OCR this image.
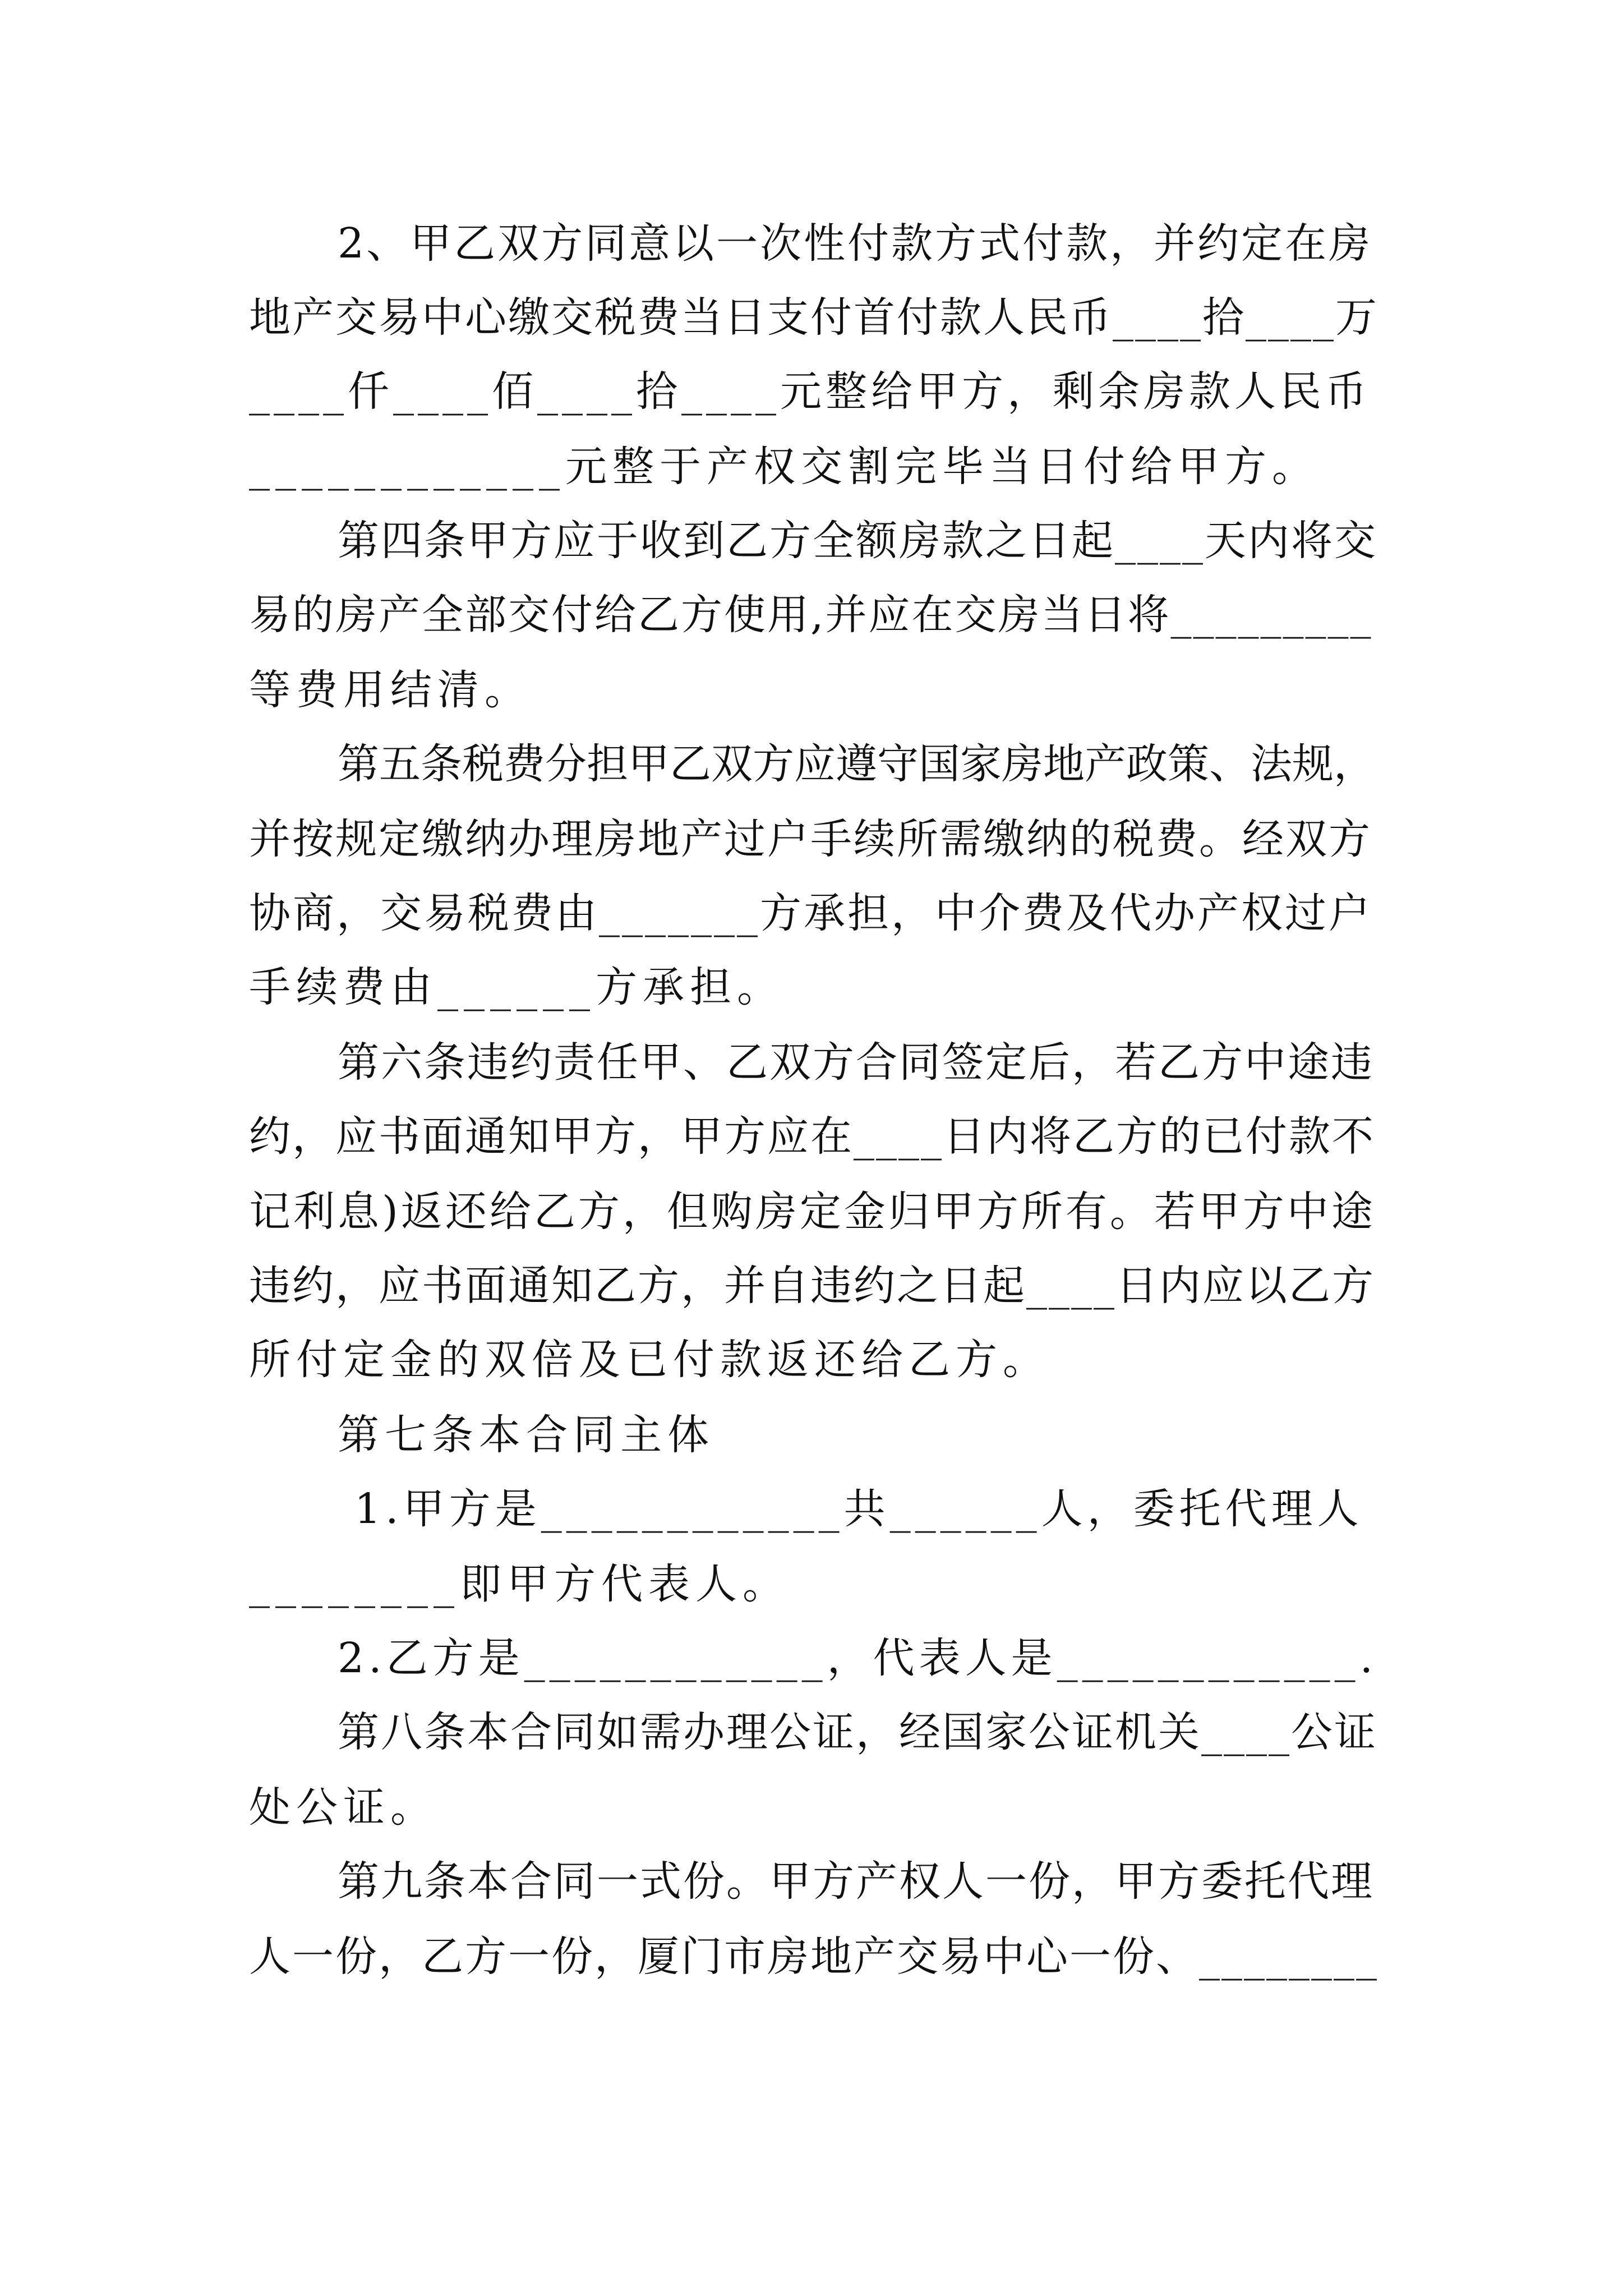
2、甲乙双方同意以一次性付款方式付款，并约定在房
地产交易中心缴交税费当日支付首付款人民币____拾____万
____仟____佰____拾____元整给甲方，剩余房款人民币
____________元整于产权交割完毕当日付给甲方。
第四条甲方应于收到乙方全额房款之日起____天内将交
易的房产全部交付给乙方使用,并应在交房当日将_________
等费用结清。
第五条税费分担甲乙双方应遵守国家房地产政策、法规，
并按规定缴纳办理房地产过户手续所需缴纳的税费。经双方
协商，交易税费由_______方承担，中介费及代办产权过户
手续费由______方承担。
第六条违约责任甲、乙双方合同签定后，若乙方中途违
约，应书面通知甲方，甲方应在____日内将乙方的已付款不
记利息)返还给乙方，但购房定金归甲方所有。若甲方中途
违约，应书面通知乙方，并自违约之日起____日内应以乙方
所付定金的双倍及已付款返还给乙方。
第七条本合同主体
1.甲方是____________共______人，委托代理人
________即甲方代表人。
2.乙方是____________，代表人是____________.
第八条本合同如需办理公证，经国家公证机关____公证
处公证。
第九条本合同一式份。甲方产权人一份，甲方委托代理
人一份，乙方一份，厦门市房地产交易中心一份、________
